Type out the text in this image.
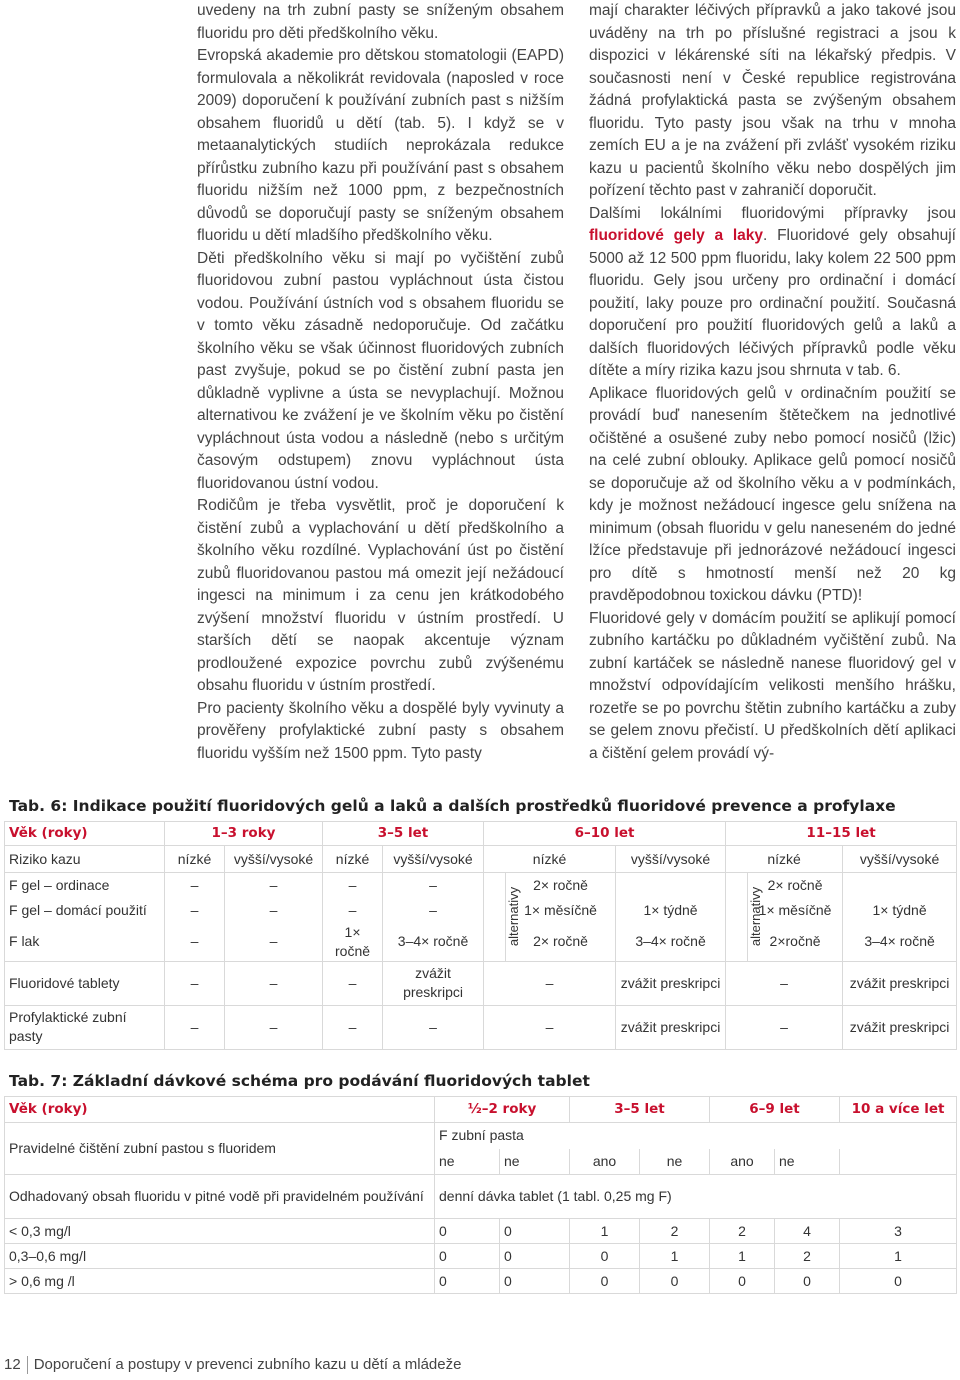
uvedeny na trh zubní pasty se sníženým obsahem fluoridu pro děti předškolního věku.

Evropská akademie pro dětskou stomatologii (EAPD) formulovala a několikrát revidovala (naposled v roce 2009) doporučení k používání zubních past s nižším obsahem fluoridů u dětí (tab. 5). I když se v metaanalytických studiích neprokázala redukce přírůstku zubního kazu při používání past s obsahem fluoridu nižším než 1000 ppm, z bezpečnostních důvodů se doporučují pasty se sníženým obsahem fluoridu u dětí mladšího předškolního věku.

Děti předškolního věku si mají po vyčištění zubů fluoridovou zubní pastou vypláchnout ústa čistou vodou. Používání ústních vod s obsahem fluoridu se v tomto věku zásadně nedoporučuje. Od začátku školního věku se však účinnost fluoridových zubních past zvyšuje, pokud se po čistění zubní pasta jen důkladně vyplivne a ústa se nevyplachují. Možnou alternativou ke zvážení je ve školním věku po čistění vypláchnout ústa vodou a následně (nebo s určitým časovým odstupem) znovu vypláchnout ústa fluoridovanou ústní vodou.

Rodičům je třeba vysvětlit, proč je doporučení k čistění zubů a vyplachování u dětí předškolního a školního věku rozdílné. Vyplachování úst po čistění zubů fluoridovanou pastou má omezit její nežádoucí ingesci na minimum i za cenu jen krátkodobého zvýšení množství fluoridu v ústním prostředí. U starších dětí se naopak akcentuje význam prodloužené expozice povrchu zubů zvýšenému obsahu fluoridu v ústním prostředí.

Pro pacienty školního věku a dospělé byly vyvinuty a prověřeny profylaktické zubní pasty s obsahem fluoridu vyšším než 1500 ppm. Tyto pasty

mají charakter léčivých přípravků a jako takové jsou uváděny na trh po příslušné registraci a jsou k dispozici v lékárenské síti na lékařský předpis. V současnosti není v České republice registrována žádná profylaktická pasta se zvýšeným obsahem fluoridu. Tyto pasty jsou však na trhu v mnoha zemích EU a je na zvážení při zvlášť vysokém riziku kazu u pacientů školního věku nebo dospělých jim pořízení těchto past v zahraničí doporučit.

Dalšími lokálními fluoridovými přípravky jsou fluoridové gely a laky. Fluoridové gely obsahují 5000 až 12 500 ppm fluoridu, laky kolem 22 500 ppm fluoridu. Gely jsou určeny pro ordinační i domácí použití, laky pouze pro ordinační použití. Současná doporučení pro použití fluoridových gelů a laků a dalších fluoridových léčivých přípravků podle věku dítěte a míry rizika kazu jsou shrnuta v tab. 6.

Aplikace fluoridových gelů v ordinačním použití se provádí buď nanesením štětečkem na jednotlivé očištěné a osušené zuby nebo pomocí nosičů (lžic) na celé zubní oblouky. Aplikace gelů pomocí nosičů se doporučuje až od školního věku a v podmínkách, kdy je možnost nežádoucí ingesce gelu snížena na minimum (obsah fluoridu v gelu naneseném do jedné lžíce představuje při jednorázové nežádoucí ingesci pro dítě s hmotností menší než 20 kg pravděpodobnou toxickou dávku (PTD)!

Fluoridové gely v domácím použití se aplikují pomocí zubního kartáčku po důkladném vyčištění zubů. Na zubní kartáček se následně nanese fluoridový gel v množství odpovídajícím velikosti menšího hrášku, rozetře se po povrchu štětin zubního kartáčku a zuby se gelem znovu přečistí. U předškolních dětí aplikaci a čištění gelem provádí vý-

Tab. 6: Indikace použití fluoridových gelů a laků a dalších prostředků fluoridové prevence a profylaxe
Věk (roky)	1–3 roky		3–5 let		6–10 let			11–15 let		
Riziko kazu	nízké	vyšší/vysoké	nízké	vyšší/vysoké	nízké		vyšší/vysoké	nízké		vyšší/vysoké
F gel – ordinace	–	–	–	–	alternativy	2× ročně		alternativy	2× ročně	
F gel – domácí použití	–	–	–	–		1× měsíčně	1× týdně		1× měsíčně	1× týdně
F lak	–	–	1× ročně	3–4× ročně		2× ročně	3–4× ročně		2×ročně	3–4× ročně
Fluoridové tablety	–	–	–	zvážit preskripci	–		zvážit preskripci	–		zvážit preskripci
Profylaktické zubní pasty	–	–	–	–	–		zvážit preskripci	–		zvážit preskripci
Tab. 7: Základní dávkové schéma pro podávání fluoridových tablet
Věk (roky)	½–2 roky		3–5 let		6–9 let		10 a více let
Pravidelné čištění zubní pastou s fluoridem	F zubní pasta						
	ne	ne	ano	ne	ano	ne	
Odhadovaný obsah fluoridu v pitné vodě při pravidelném používání	denní dávka tablet (1 tabl. 0,25 mg F)						
< 0,3 mg/l	0	0	1	2	2	4	3
0,3–0,6 mg/l	0	0	0	1	1	2	1
> 0,6 mg /l	0	0	0	0	0	0	0
12 Doporučení a postupy v prevenci zubního kazu u dětí a mládeže
